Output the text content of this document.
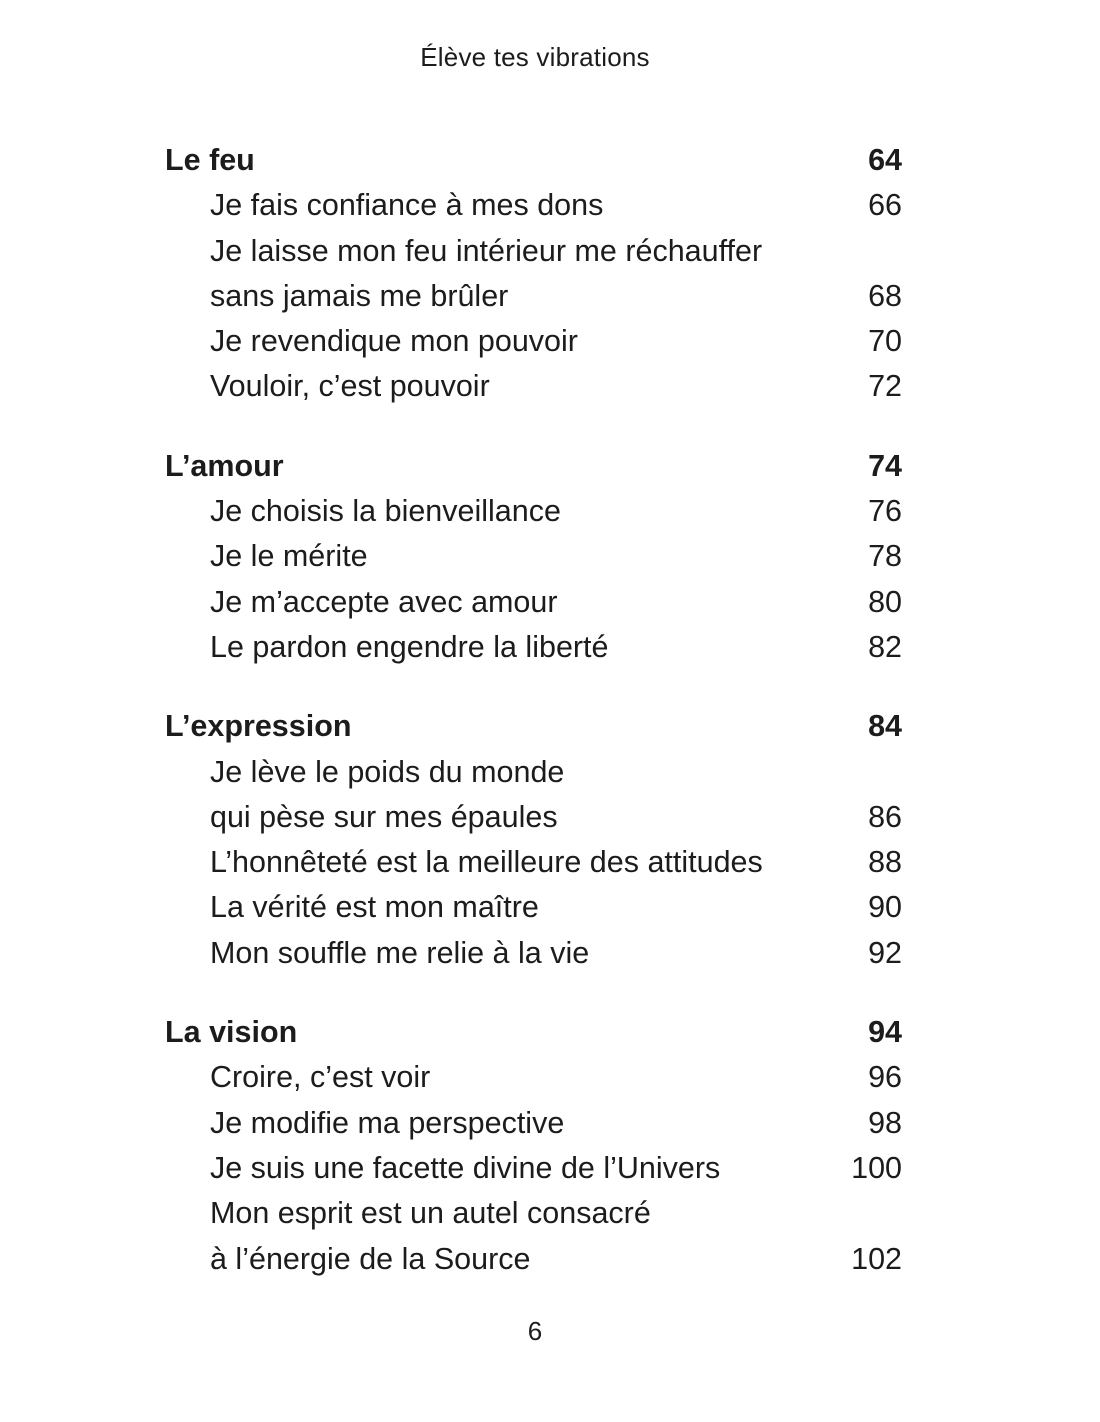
Élève tes vibrations
Le feu	64
Je fais confiance à mes dons	66
Je laisse mon feu intérieur me réchauffer
sans jamais me brûler	68
Je revendique mon pouvoir	70
Vouloir, c’est pouvoir	72
L’amour	74
Je choisis la bienveillance	76
Je le mérite	78
Je m’accepte avec amour	80
Le pardon engendre la liberté	82
L’expression	84
Je lève le poids du monde
qui pèse sur mes épaules	86
L’honnêteté est la meilleure des attitudes	88
La vérité est mon maître	90
Mon souffle me relie à la vie	92
La vision	94
Croire, c’est voir	96
Je modifie ma perspective	98
Je suis une facette divine de l’Univers	100
Mon esprit est un autel consacré
à l’énergie de la Source	102
6
